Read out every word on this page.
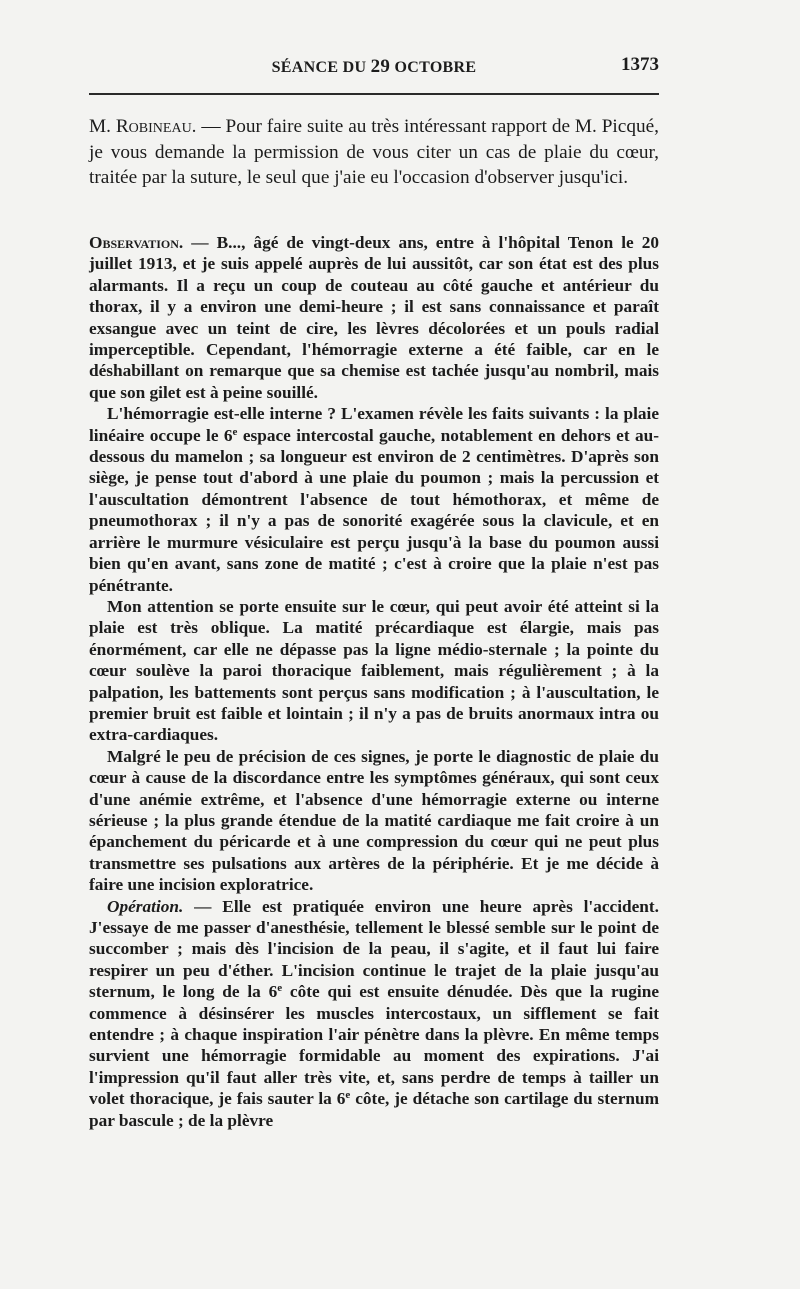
SÉANCE DU 29 OCTOBRE	1373

M. Robineau. — Pour faire suite au très intéressant rapport de M. Picqué, je vous demande la permission de vous citer un cas de plaie du cœur, traitée par la suture, le seul que j'aie eu l'occasion d'observer jusqu'ici.

Observation. — B..., âgé de vingt-deux ans, entre à l'hôpital Tenon le 20 juillet 1913, et je suis appelé auprès de lui aussitôt, car son état est des plus alarmants. Il a reçu un coup de couteau au côté gauche et antérieur du thorax, il y a environ une demi-heure ; il est sans connaissance et paraît exsangue avec un teint de cire, les lèvres décolorées et un pouls radial imperceptible. Cependant, l'hémorragie externe a été faible, car en le déshabillant on remarque que sa chemise est tachée jusqu'au nombril, mais que son gilet est à peine souillé.

L'hémorragie est-elle interne ? L'examen révèle les faits suivants : la plaie linéaire occupe le 6e espace intercostal gauche, notablement en dehors et au-dessous du mamelon ; sa longueur est environ de 2 centimètres. D'après son siège, je pense tout d'abord à une plaie du poumon ; mais la percussion et l'auscultation démontrent l'absence de tout hémothorax, et même de pneumothorax ; il n'y a pas de sonorité exagérée sous la clavicule, et en arrière le murmure vésiculaire est perçu jusqu'à la base du poumon aussi bien qu'en avant, sans zone de matité ; c'est à croire que la plaie n'est pas pénétrante.

Mon attention se porte ensuite sur le cœur, qui peut avoir été atteint si la plaie est très oblique. La matité précardiaque est élargie, mais pas énormément, car elle ne dépasse pas la ligne médio-sternale ; la pointe du cœur soulève la paroi thoracique faiblement, mais régulièrement ; à la palpation, les battements sont perçus sans modification ; à l'auscultation, le premier bruit est faible et lointain ; il n'y a pas de bruits anormaux intra ou extra-cardiaques.

Malgré le peu de précision de ces signes, je porte le diagnostic de plaie du cœur à cause de la discordance entre les symptômes généraux, qui sont ceux d'une anémie extrême, et l'absence d'une hémorragie externe ou interne sérieuse ; la plus grande étendue de la matité cardiaque me fait croire à un épanchement du péricarde et à une compression du cœur qui ne peut plus transmettre ses pulsations aux artères de la périphérie. Et je me décide à faire une incision exploratrice.

Opération. — Elle est pratiquée environ une heure après l'accident. J'essaye de me passer d'anesthésie, tellement le blessé semble sur le point de succomber ; mais dès l'incision de la peau, il s'agite, et il faut lui faire respirer un peu d'éther. L'incision continue le trajet de la plaie jusqu'au sternum, le long de la 6e côte qui est ensuite dénudée. Dès que la rugine commence à désinsérer les muscles intercostaux, un sifflement se fait entendre ; à chaque inspiration l'air pénètre dans la plèvre. En même temps survient une hémorragie formidable au moment des expirations. J'ai l'impression qu'il faut aller très vite, et, sans perdre de temps à tailler un volet thoracique, je fais sauter la 6e côte, je détache son cartilage du sternum par bascule ; de la plèvre
